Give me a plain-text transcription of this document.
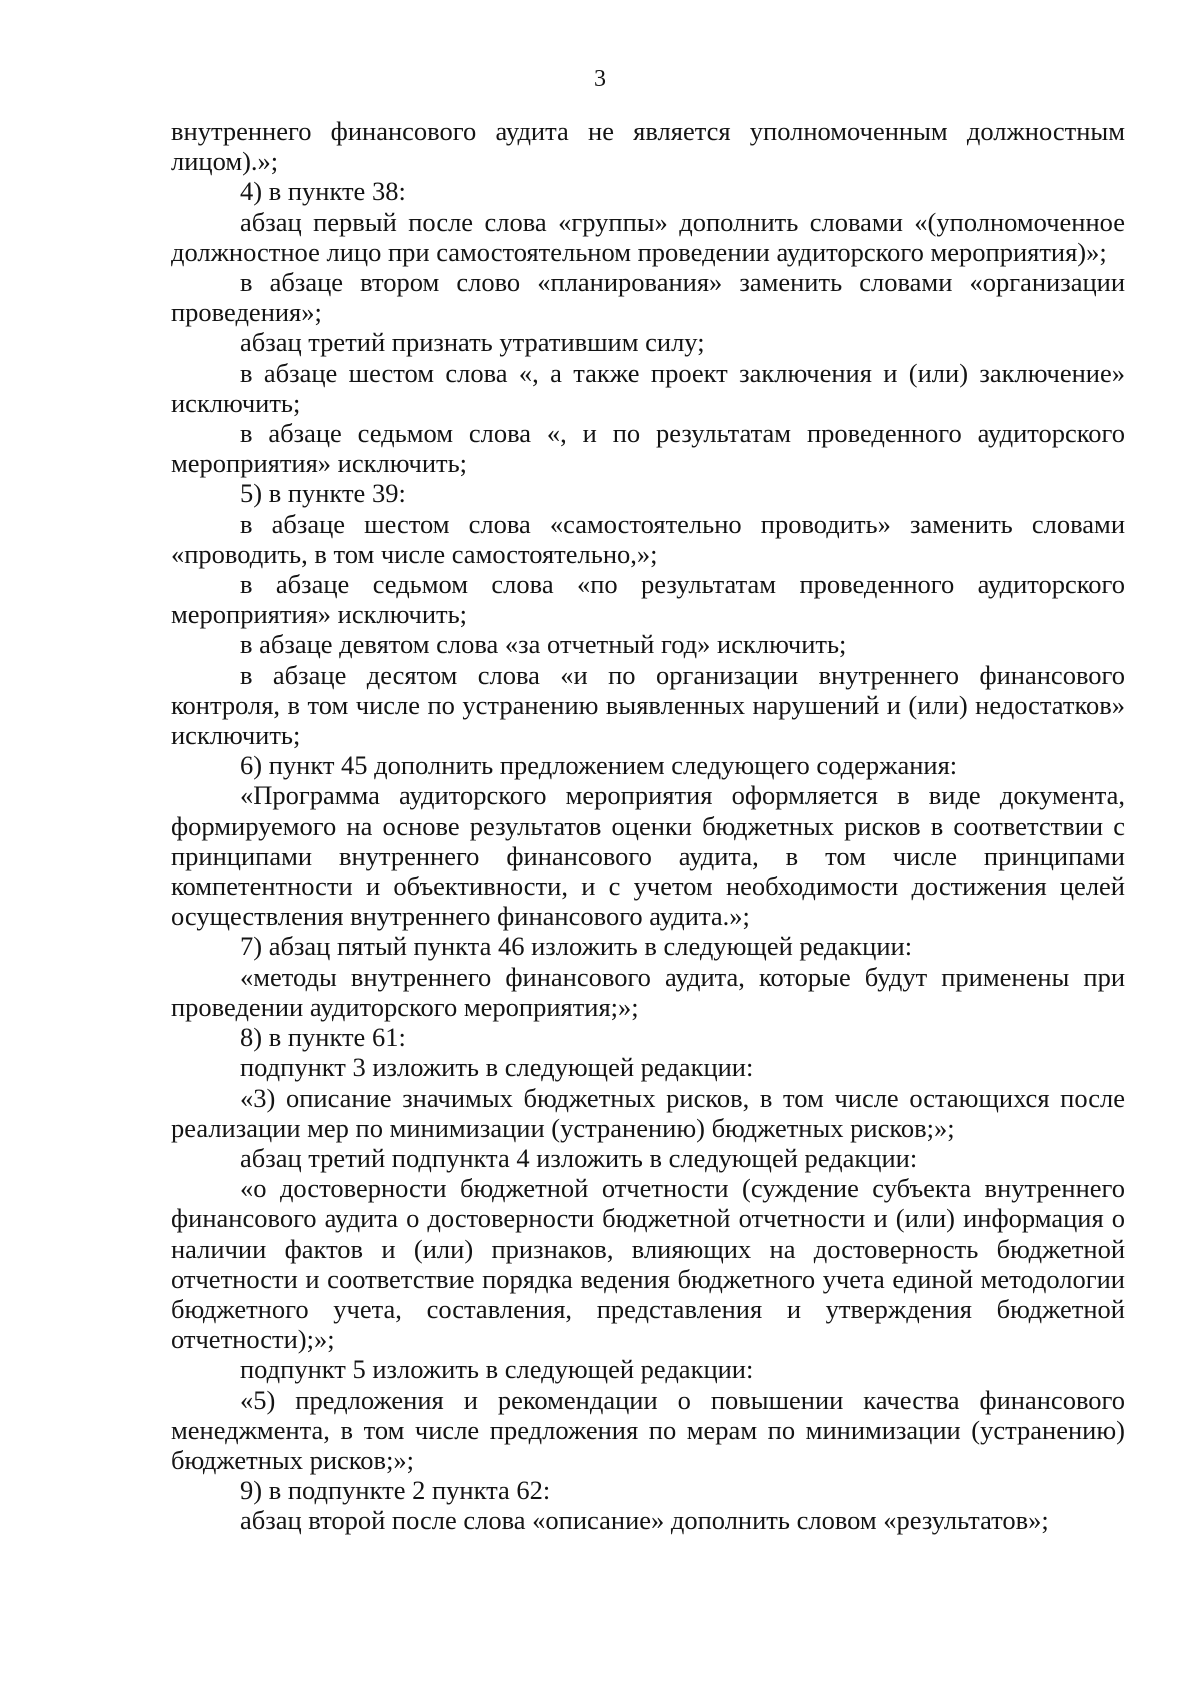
3

внутреннего финансового аудита не является уполномоченным должностным лицом).»;

4) в пункте 38:

абзац первый после слова «группы» дополнить словами «(уполномоченное должностное лицо при самостоятельном проведении аудиторского мероприятия)»;

в абзаце втором слово «планирования» заменить словами «организации проведения»;

абзац третий признать утратившим силу;

в абзаце шестом слова «, а также проект заключения и (или) заключение» исключить;

в абзаце седьмом слова «, и по результатам проведенного аудиторского мероприятия» исключить;

5) в пункте 39:

в абзаце шестом слова «самостоятельно проводить» заменить словами «проводить, в том числе самостоятельно,»;

в абзаце седьмом слова «по результатам проведенного аудиторского мероприятия» исключить;

в абзаце девятом слова «за отчетный год» исключить;

в абзаце десятом слова «и по организации внутреннего финансового контроля, в том числе по устранению выявленных нарушений и (или) недостатков» исключить;

6) пункт 45 дополнить предложением следующего содержания:

«Программа аудиторского мероприятия оформляется в виде документа, формируемого на основе результатов оценки бюджетных рисков в соответствии с принципами внутреннего финансового аудита, в том числе принципами компетентности и объективности, и с учетом необходимости достижения целей осуществления внутреннего финансового аудита.»;

7) абзац пятый пункта 46 изложить в следующей редакции:

«методы внутреннего финансового аудита, которые будут применены при проведении аудиторского мероприятия;»;

8) в пункте 61:

подпункт 3 изложить в следующей редакции:

«3) описание значимых бюджетных рисков, в том числе остающихся после реализации мер по минимизации (устранению) бюджетных рисков;»;

абзац третий подпункта 4 изложить в следующей редакции:

«о достоверности бюджетной отчетности (суждение субъекта внутреннего финансового аудита о достоверности бюджетной отчетности и (или) информация о наличии фактов и (или) признаков, влияющих на достоверность бюджетной отчетности и соответствие порядка ведения бюджетного учета единой методологии бюджетного учета, составления, представления и утверждения бюджетной отчетности);»;

подпункт 5 изложить в следующей редакции:

«5) предложения и рекомендации о повышении качества финансового менеджмента, в том числе предложения по мерам по минимизации (устранению) бюджетных рисков;»;

9) в подпункте 2 пункта 62:

абзац второй после слова «описание» дополнить словом «результатов»;
